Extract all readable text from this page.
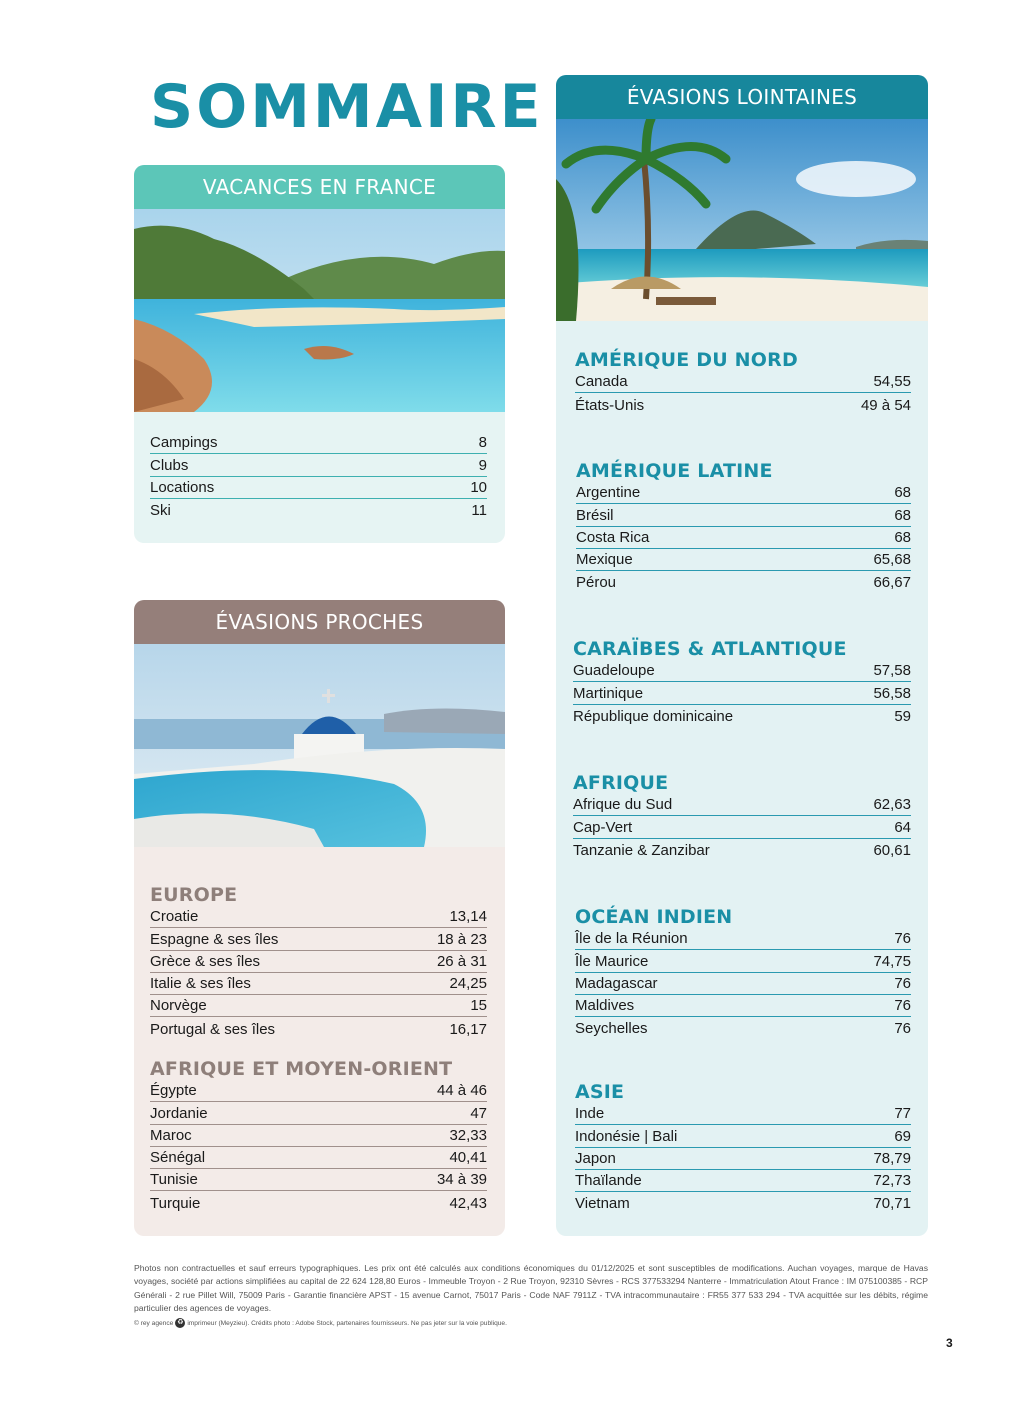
SOMMAIRE
VACANCES EN FRANCE
Campings	8
Clubs	9
Locations	10
Ski	11
ÉVASIONS PROCHES
EUROPE
Croatie	13,14
Espagne & ses îles	18 à 23
Grèce & ses îles	26 à 31
Italie & ses îles	24,25
Norvège	15
Portugal & ses îles	16,17
AFRIQUE ET MOYEN-ORIENT
Égypte	44 à 46
Jordanie	47
Maroc	32,33
Sénégal	40,41
Tunisie	34 à 39
Turquie	42,43
ÉVASIONS LOINTAINES
AMÉRIQUE DU NORD
Canada	54,55
États-Unis	49 à 54
AMÉRIQUE LATINE
Argentine	68
Brésil	68
Costa Rica	68
Mexique	65,68
Pérou	66,67
CARAÏBES & ATLANTIQUE
Guadeloupe	57,58
Martinique	56,58
République dominicaine	59
AFRIQUE
Afrique du Sud	62,63
Cap-Vert	64
Tanzanie & Zanzibar	60,61
OCÉAN INDIEN
Île de la Réunion	76
Île Maurice	74,75
Madagascar	76
Maldives	76
Seychelles	76
ASIE
Inde	77
Indonésie | Bali	69
Japon	78,79
Thaïlande	72,73
Vietnam	70,71
Photos non contractuelles et sauf erreurs typographiques. Les prix ont été calculés aux conditions économiques du 01/12/2025 et sont susceptibles de modifications. Auchan voyages, marque de Havas voyages, société par actions simplifiées au capital de 22 624 128,80 Euros - Immeuble Troyon - 2 Rue Troyon, 92310 Sèvres - RCS 377533294 Nanterre - Immatriculation Atout France : IM 075100385 - RCP Générali - 2 rue Pillet Will, 75009 Paris - Garantie financière APST - 15 avenue Carnot, 75017 Paris - Code NAF 7911Z - TVA intracommunautaire : FR55 377 533 294 - TVA acquittée sur les débits, régime particulier des agences de voyages.
© rey agence ♻ imprimeur (Meyzieu). Crédits photo : Adobe Stock, partenaires fournisseurs. Ne pas jeter sur la voie publique.
3
